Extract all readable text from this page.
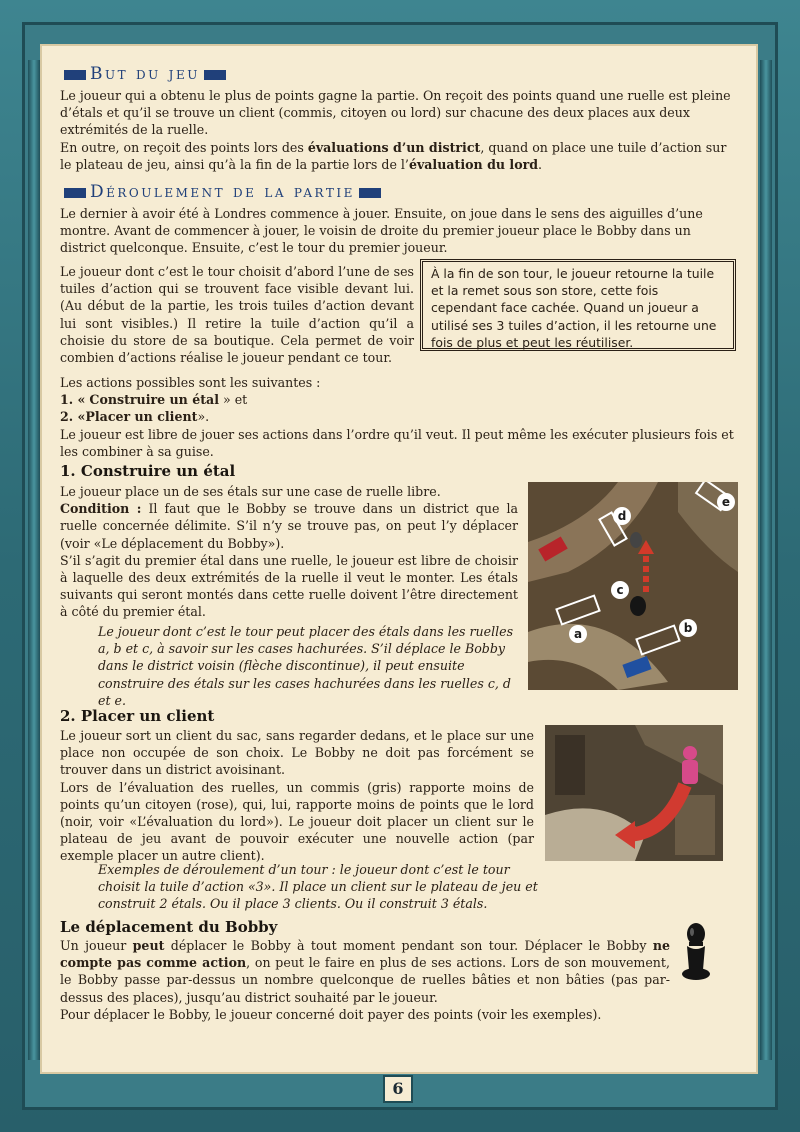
But du jeu

Le joueur qui a obtenu le plus de points gagne la partie. On reçoit des points quand une ruelle est pleine d’étals et qu’il se trouve un client (commis, citoyen ou lord) sur chacune des deux places aux deux extrémités de la ruelle.

En outre, on reçoit des points lors des évaluations d’un district, quand on place une tuile d’action sur le plateau de jeu, ainsi qu’à la fin de la partie lors de l’évaluation du lord.

Déroulement de la partie

Le dernier à avoir été à Londres commence à jouer. Ensuite, on joue dans le sens des aiguilles d’une montre. Avant de commencer à jouer, le voisin de droite du premier joueur place le Bobby dans un district quelconque. Ensuite, c’est le tour du premier joueur.

Le joueur dont c’est le tour choisit d’abord l’une de ses tuiles d’action qui se trouvent face visible devant lui. (Au début de la partie, les trois tuiles d’action devant lui sont visibles.) Il retire la tuile d’action qu’il a choisie du store de sa boutique. Cela permet de voir combien d’actions réalise le joueur pendant ce tour.

À la fin de son tour, le joueur retourne la tuile et la remet sous son store, cette fois cependant face cachée. Quand un joueur a utilisé ses 3 tuiles d’action, il les retourne une fois de plus et peut les réutiliser.

Les actions possibles sont les suivantes :

1. « Construire un étal » et

2. «Placer un client».

Le joueur est libre de jouer ses actions dans l’ordre qu’il veut. Il peut même les exécuter plusieurs fois et les combiner à sa guise.

1. Construire un étal

Le joueur place un de ses étals sur une case de ruelle libre.

Condition : Il faut que le Bobby se trouve dans un district que la ruelle concernée délimite. S’il n’y se trouve pas, on peut l’y déplacer (voir «Le déplacement du Bobby»).

S’il s’agit du premier étal dans une ruelle, le joueur est libre de choisir à laquelle des deux extrémités de la ruelle il veut le monter. Les étals suivants qui seront montés dans cette ruelle doivent l’être directement à côté du premier étal.

Le joueur dont c’est le tour peut placer des étals dans les ruelles a, b et c, à savoir sur les cases hachurées. S’il déplace le Bobby dans le district voisin (flèche discontinue), il peut ensuite construire des étals sur les cases hachurées dans les ruelles c, d et e.

a	b
c
d
e
2. Placer un client

Le joueur sort un client du sac, sans regarder dedans, et le place sur une place non occupée de son choix. Le Bobby ne doit pas forcément se trouver dans un district avoisinant.

Lors de l’évaluation des ruelles, un commis (gris) rapporte moins de points qu’un citoyen (rose), qui, lui, rapporte moins de points que le lord (noir, voir «L’évaluation du lord»). Le joueur doit placer un client sur le plateau de jeu avant de pouvoir exécuter une nouvelle action (par exemple placer un autre client).

Exemples de déroulement d’un tour : le joueur dont c’est le tour choisit la tuile d’action «3». Il place un client sur le plateau de jeu et construit 2 étals. Ou il place 3 clients. Ou il construit 3 étals.

Le déplacement du Bobby

Un joueur peut déplacer le Bobby à tout moment pendant son tour. Déplacer le Bobby ne compte pas comme action, on peut le faire en plus de ses actions. Lors de son mouvement, le Bobby passe par-dessus un nombre quelconque de ruelles bâties et non bâties (pas par-dessus des places), jusqu’au district souhaité par le joueur.

Pour déplacer le Bobby, le joueur concerné doit payer des points (voir les exemples).

6
